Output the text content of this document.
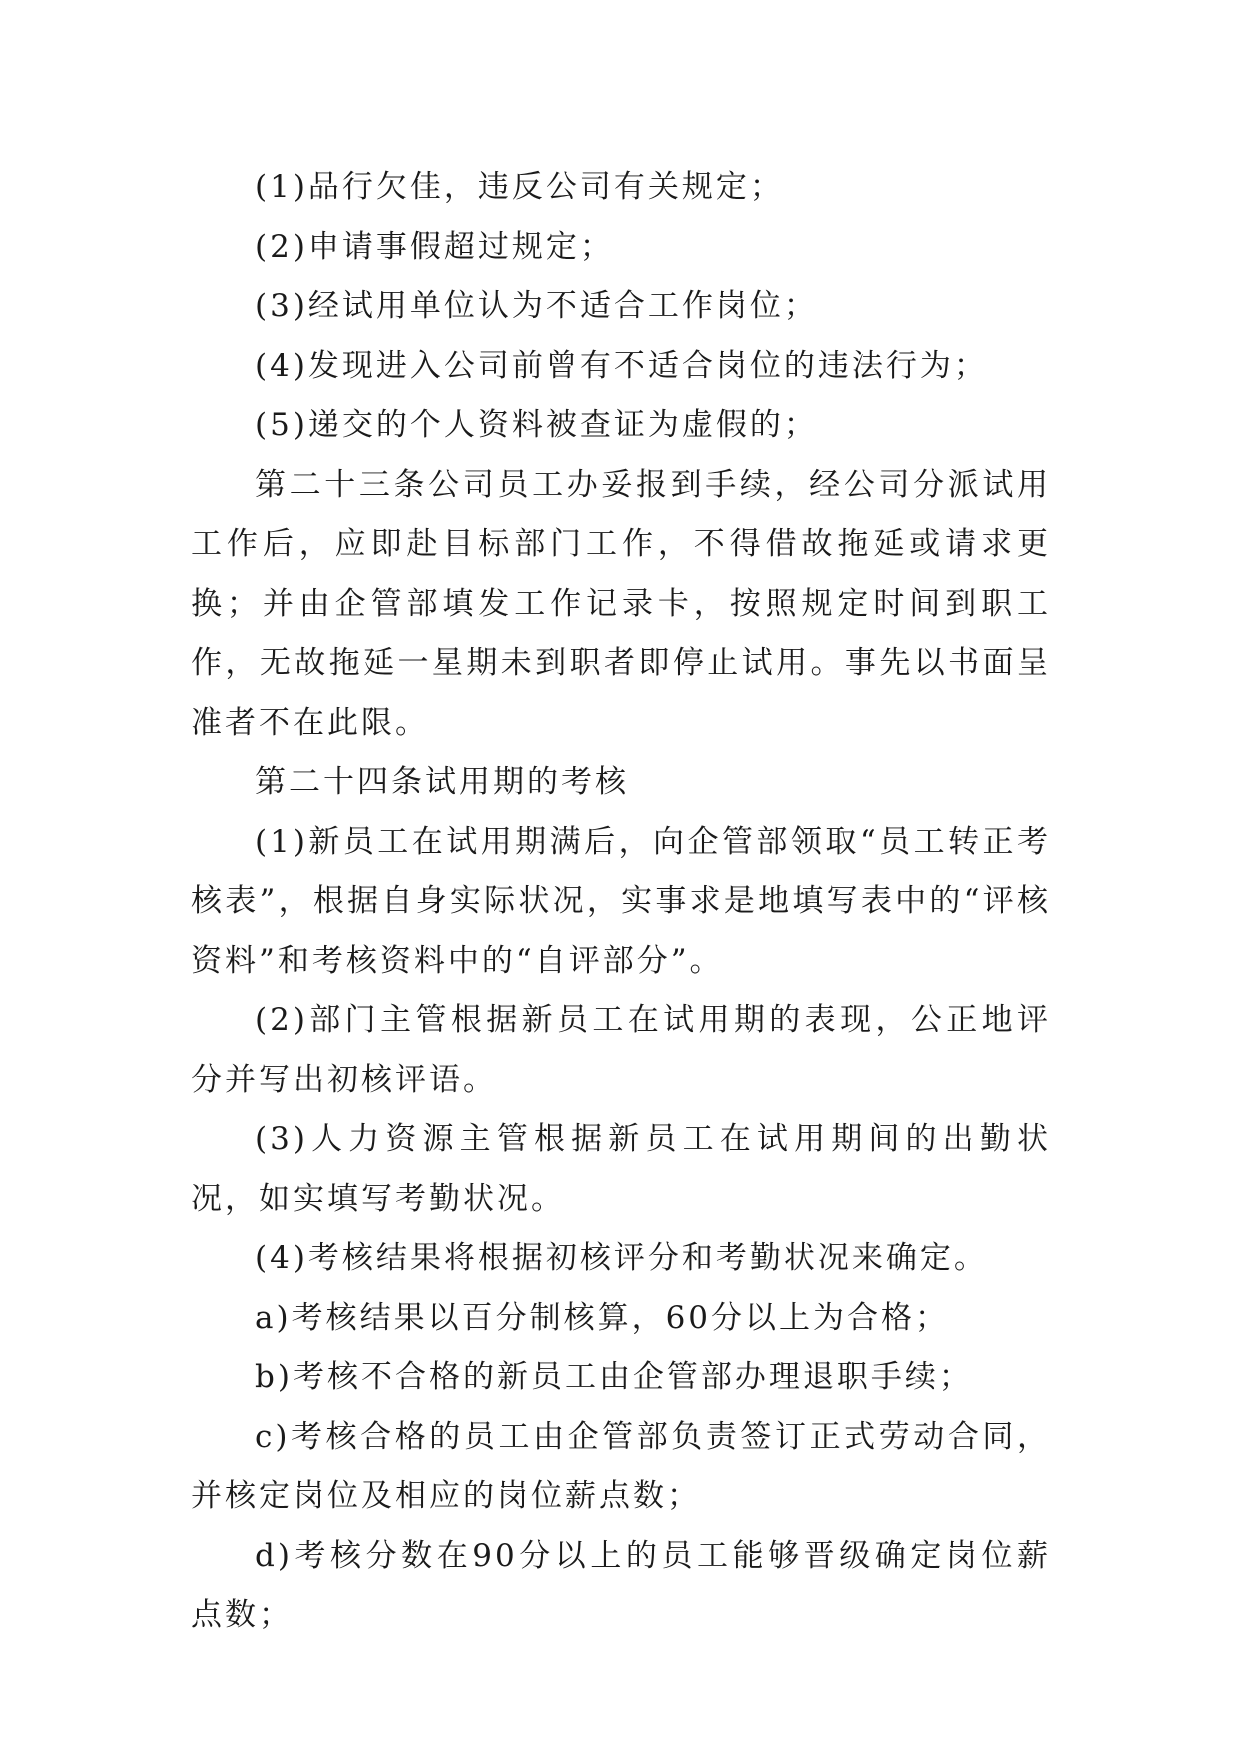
(1)品行欠佳，违反公司有关规定；

(2)申请事假超过规定；

(3)经试用单位认为不适合工作岗位；

(4)发现进入公司前曾有不适合岗位的违法行为；

(5)递交的个人资料被查证为虚假的；

第二十三条公司员工办妥报到手续，经公司分派试用工作后，应即赴目标部门工作，不得借故拖延或请求更换；并由企管部填发工作记录卡，按照规定时间到职工作，无故拖延一星期未到职者即停止试用。事先以书面呈准者不在此限。

第二十四条试用期的考核

(1)新员工在试用期满后，向企管部领取“员工转正考核表”，根据自身实际状况，实事求是地填写表中的“评核资料”和考核资料中的“自评部分”。

(2)部门主管根据新员工在试用期的表现，公正地评分并写出初核评语。

(3)人力资源主管根据新员工在试用期间的出勤状况，如实填写考勤状况。

(4)考核结果将根据初核评分和考勤状况来确定。

a)考核结果以百分制核算，60分以上为合格；

b)考核不合格的新员工由企管部办理退职手续；

c)考核合格的员工由企管部负责签订正式劳动合同，并核定岗位及相应的岗位薪点数；

d)考核分数在90分以上的员工能够晋级确定岗位薪点数；
